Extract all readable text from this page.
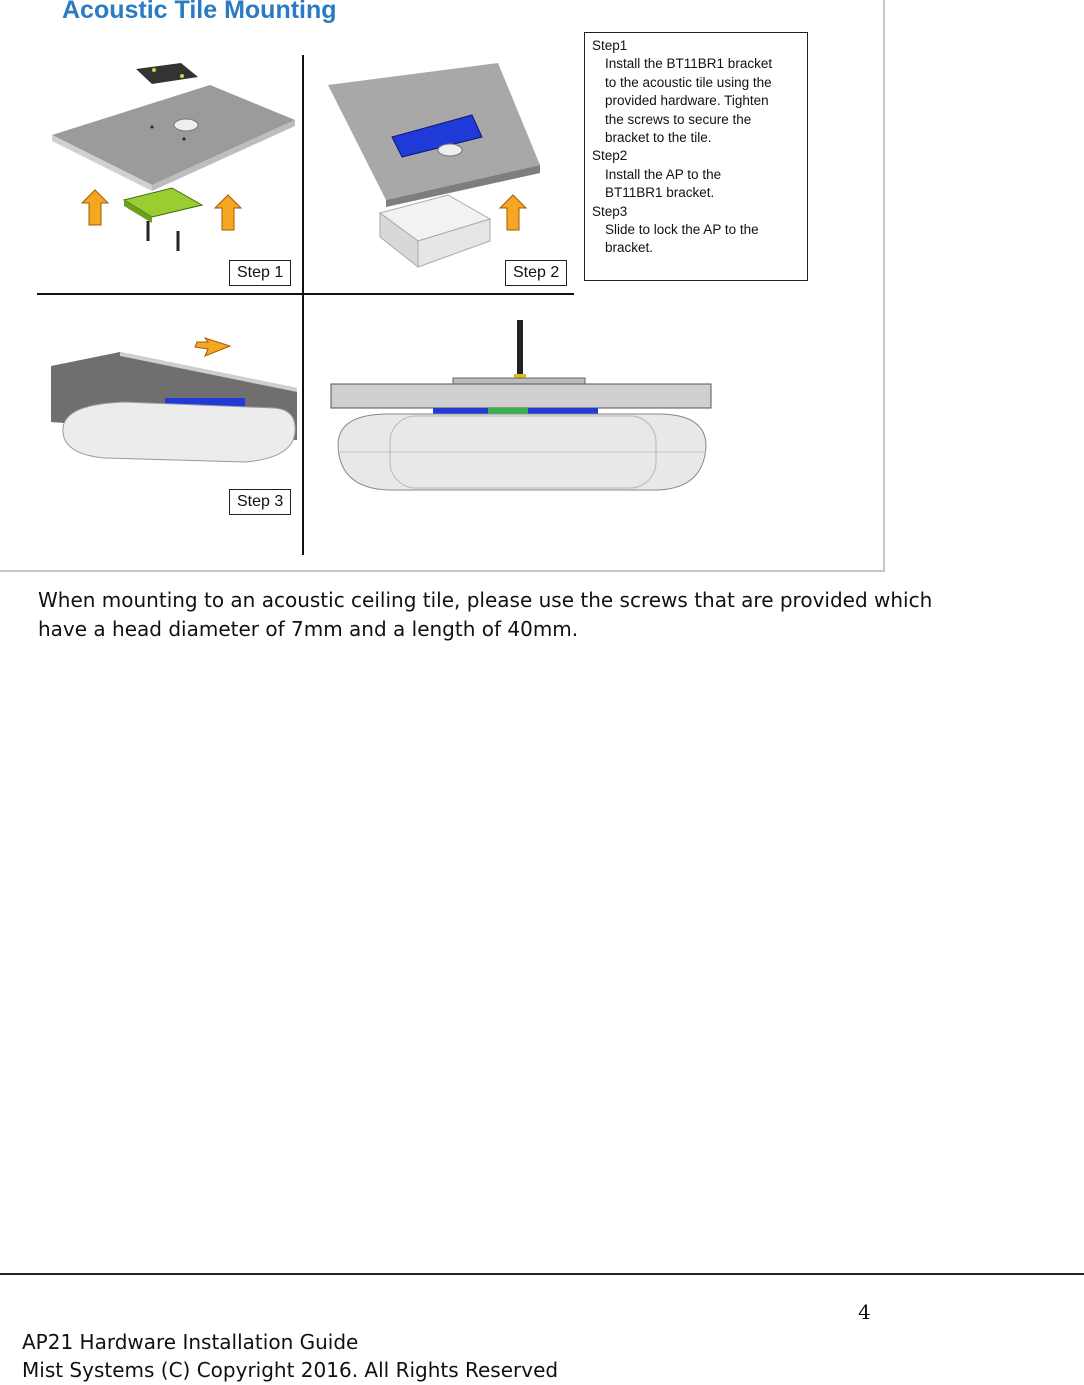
Acoustic Tile Mounting
Step 1	Step 2
Step 3
Step1
Install the BT11BR1 bracket
to the acoustic tile using the
provided hardware. Tighten
the screws to secure the
bracket to the tile.
Step2
Install the AP to the
BT11BR1 bracket.
Step3
Slide to lock the AP to the
bracket.

When mounting to an acoustic ceiling tile, please use the screws that are provided which have a head diameter of 7mm and a length of 40mm.

4
AP21 Hardware Installation Guide
Mist Systems (C) Copyright 2016. All Rights Reserved
